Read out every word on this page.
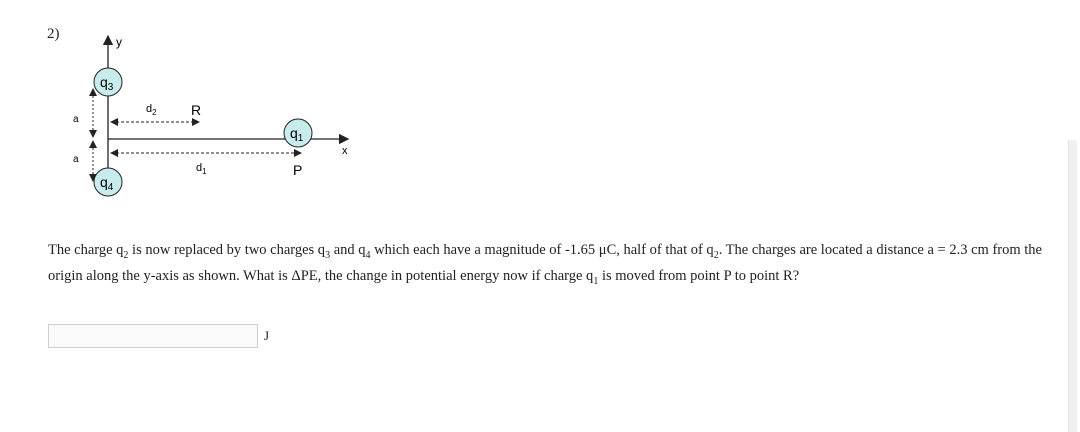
2)	y
x
a
a
$d_2$ R
$d_1$	P
$q_3$
$q_1$
$q_4$
The charge $q_2$ is now replaced by two charges $q_3$ and $q_4$ which each have a magnitude of -1.65 μC, half of that of $q_2$. The charges are located a distance a = 2.3 cm from the origin along the y-axis as shown. What is ΔPE, the change in potential energy now if charge $q_1$ is moved from point P to point R?
J
